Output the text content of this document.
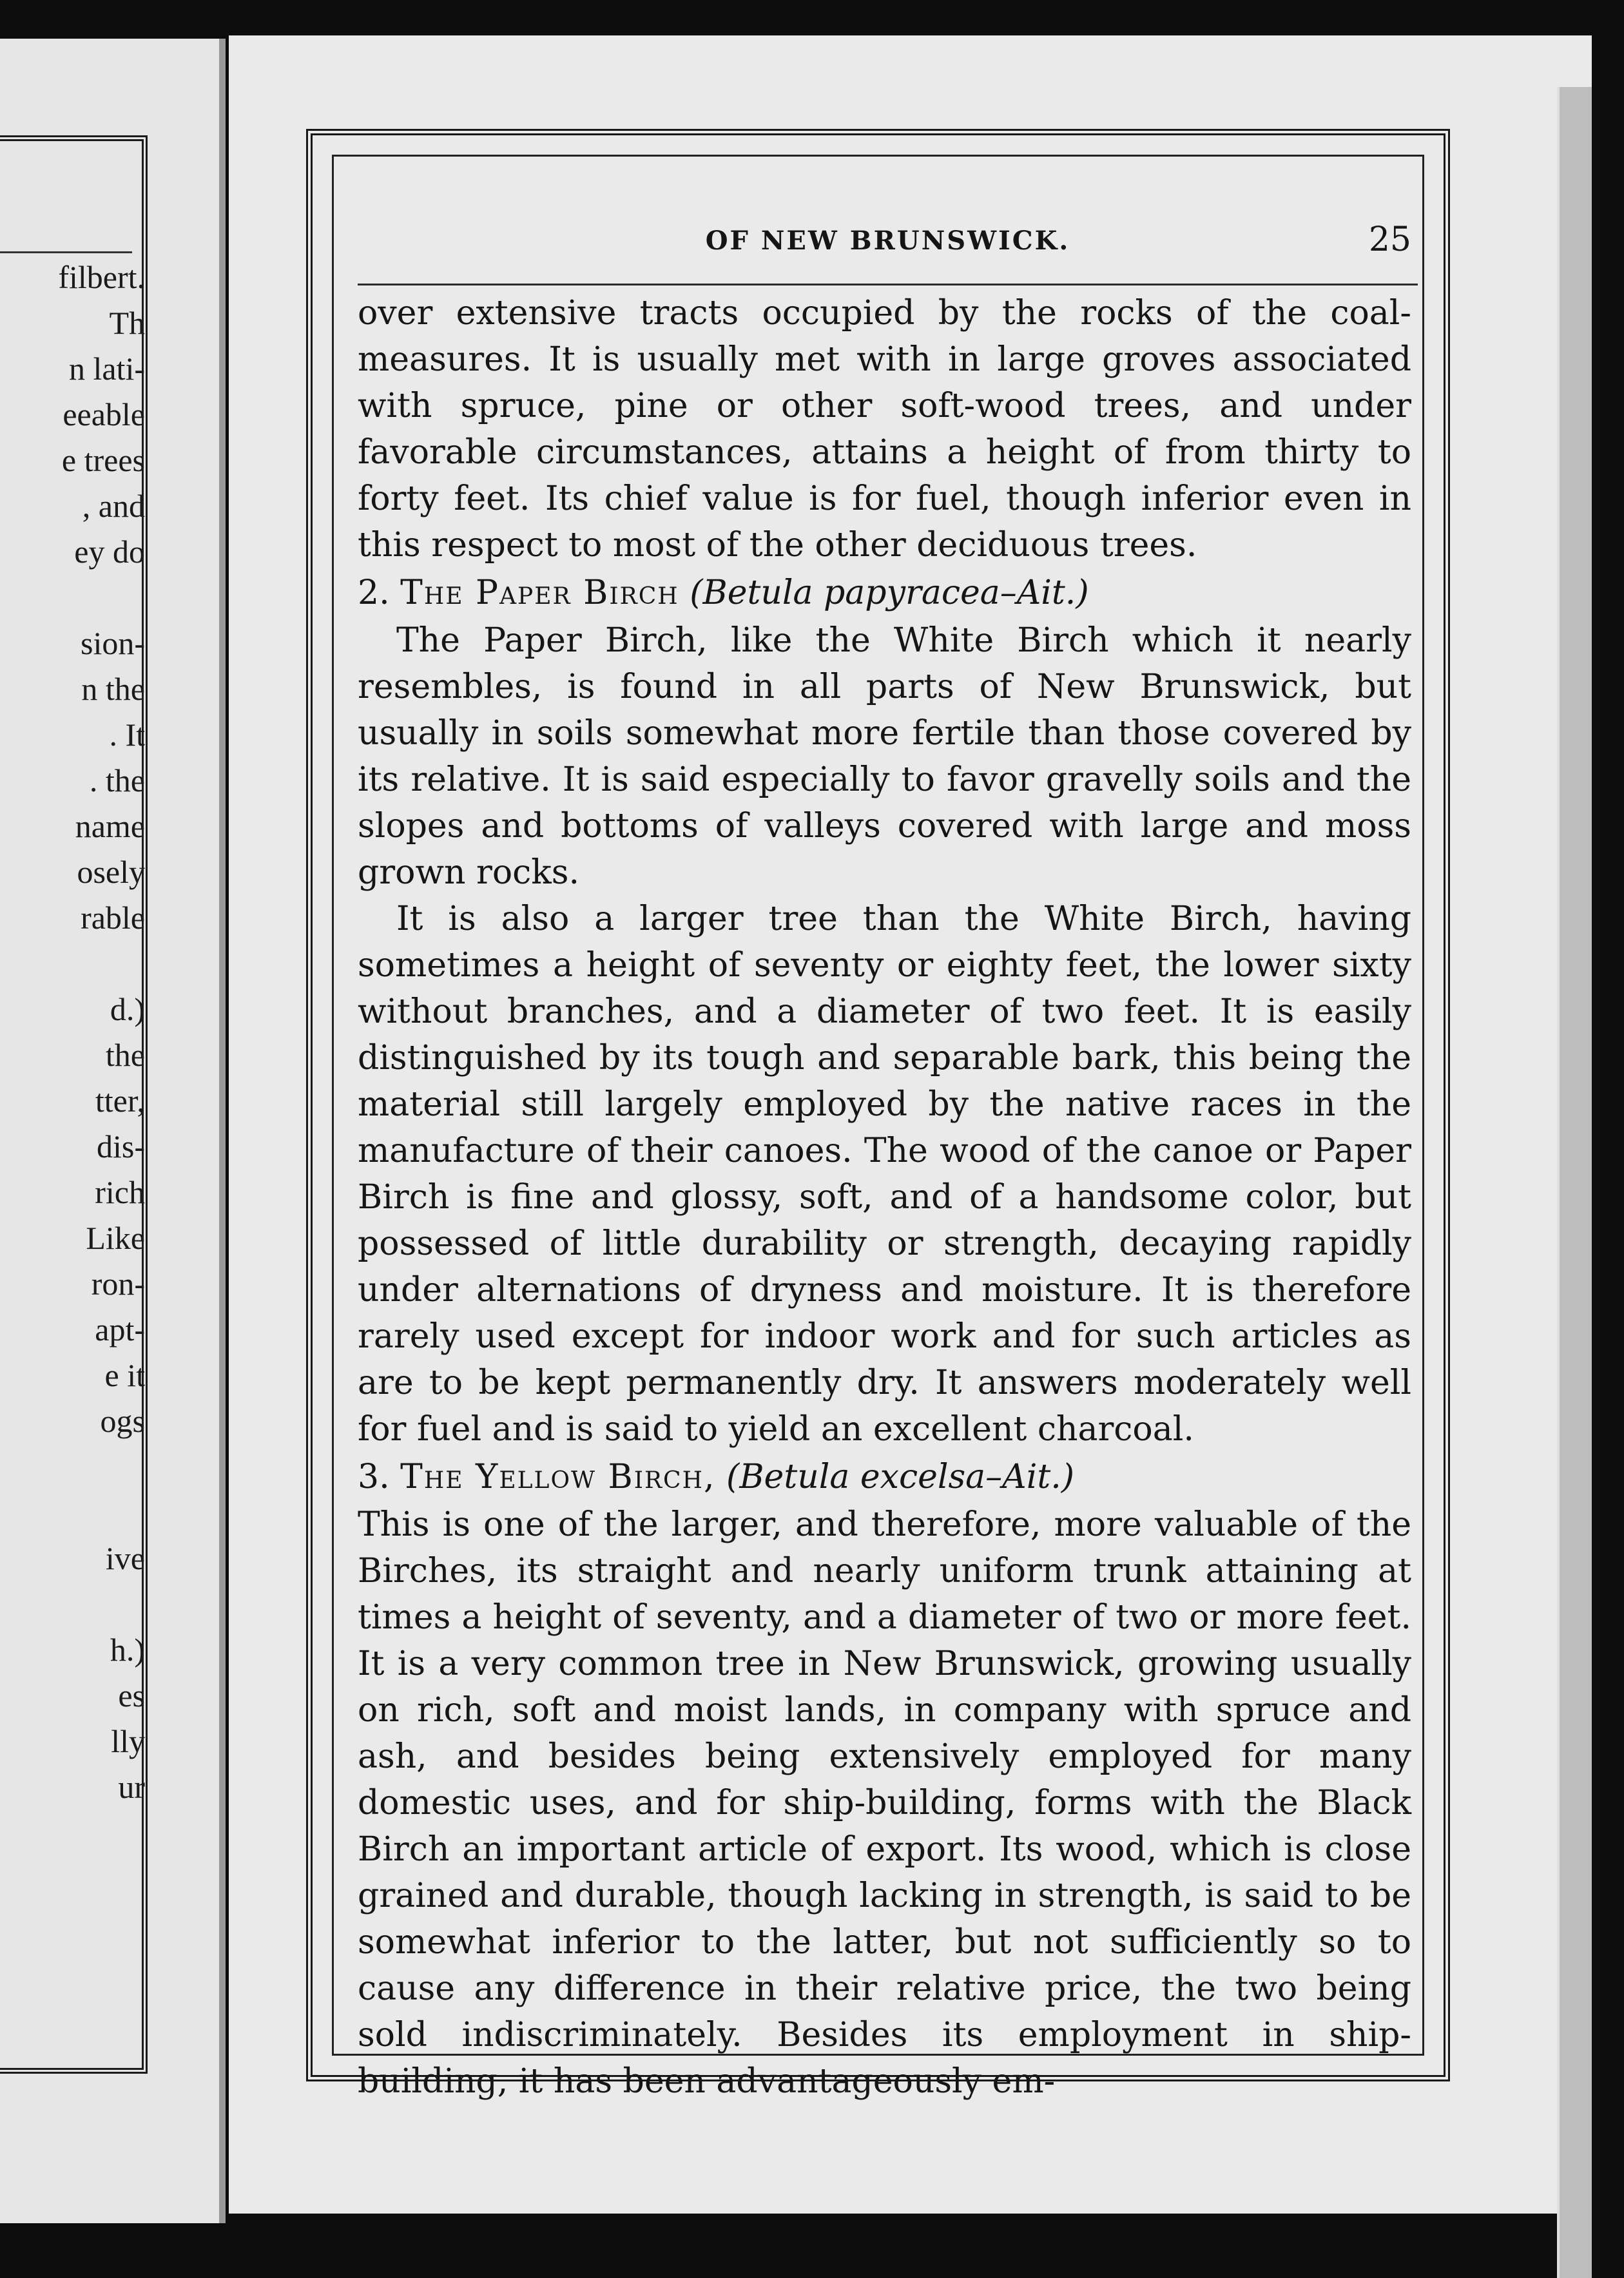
filbert.
Th
n lati-
eeable
e trees
, and
ey do
sion-
n the
. It
. the
name
osely
rable
d.)
the
tter,
dis-
rich
Like
ron-
apt-
e it
ogs
ive
h.)
es
lly
ur
OF NEW BRUNSWICK.	25

over extensive tracts occupied by the rocks of the coal-measures. It is usually met with in large groves associated with spruce, pine or other soft-wood trees, and under favorable circumstances, attains a height of from thirty to forty feet. Its chief value is for fuel, though inferior even in this respect to most of the other deciduous trees.

2. The Paper Birch (Betula papyracea–Ait.)

The Paper Birch, like the White Birch which it nearly resembles, is found in all parts of New Brunswick, but usually in soils somewhat more fertile than those covered by its relative. It is said especially to favor gravelly soils and the slopes and bottoms of valleys covered with large and moss grown rocks.

It is also a larger tree than the White Birch, having sometimes a height of seventy or eighty feet, the lower sixty without branches, and a diameter of two feet. It is easily distinguished by its tough and separable bark, this being the material still largely employed by the native races in the manufacture of their canoes. The wood of the canoe or Paper Birch is fine and glossy, soft, and of a handsome color, but possessed of little durability or strength, decaying rapidly under alternations of dryness and moisture. It is therefore rarely used except for indoor work and for such articles as are to be kept permanently dry. It answers moderately well for fuel and is said to yield an excellent charcoal.

3. The Yellow Birch, (Betula excelsa–Ait.)

This is one of the larger, and therefore, more valuable of the Birches, its straight and nearly uniform trunk attaining at times a height of seventy, and a diameter of two or more feet. It is a very common tree in New Brunswick, growing usually on rich, soft and moist lands, in company with spruce and ash, and besides being extensively employed for many domestic uses, and for ship-building, forms with the Black Birch an important article of export. Its wood, which is close grained and durable, though lacking in strength, is said to be somewhat inferior to the latter, but not sufficiently so to cause any difference in their relative price, the two being sold indiscriminately. Besides its employment in ship-building, it has been advantageously em-
